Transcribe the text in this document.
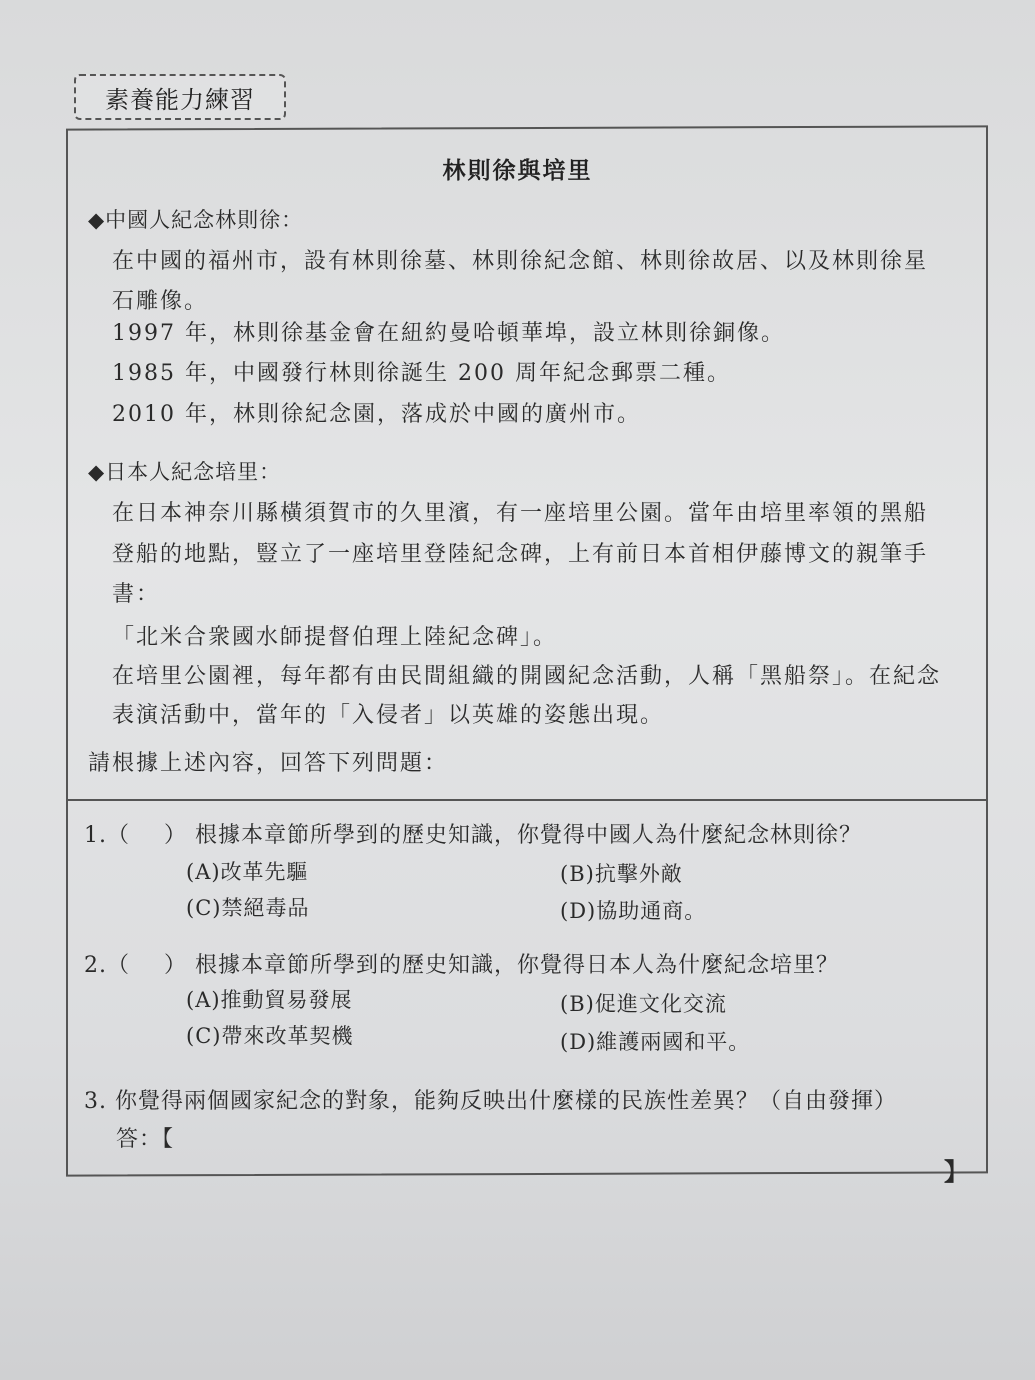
素養能力練習
林則徐與培里
◆中國人紀念林則徐：
在中國的福州市，設有林則徐墓、林則徐紀念館、林則徐故居、以及林則徐星
石雕像。
1997 年，林則徐基金會在紐約曼哈頓華埠，設立林則徐銅像。
1985 年，中國發行林則徐誕生 200 周年紀念郵票二種。
2010 年，林則徐紀念園，落成於中國的廣州市。
◆日本人紀念培里：
在日本神奈川縣橫須賀市的久里濱，有一座培里公園。當年由培里率領的黑船
登船的地點，豎立了一座培里登陸紀念碑，上有前日本首相伊藤博文的親筆手
書：
「北米合衆國水師提督伯理上陸紀念碑」。
在培里公園裡，每年都有由民間組織的開國紀念活動，人稱「黑船祭」。在紀念
表演活動中，當年的「入侵者」以英雄的姿態出現。
請根據上述內容，回答下列問題：
1.（ ） 根據本章節所學到的歷史知識，你覺得中國人為什麼紀念林則徐？
(A)改革先驅	(B)抗擊外敵
(C)禁絕毒品	(D)協助通商。
2.（ ） 根據本章節所學到的歷史知識，你覺得日本人為什麼紀念培里？
(A)推動貿易發展	(B)促進文化交流
(C)帶來改革契機	(D)維護兩國和平。
3. 你覺得兩個國家紀念的對象，能夠反映出什麼樣的民族性差異？（自由發揮）
答：【
】
